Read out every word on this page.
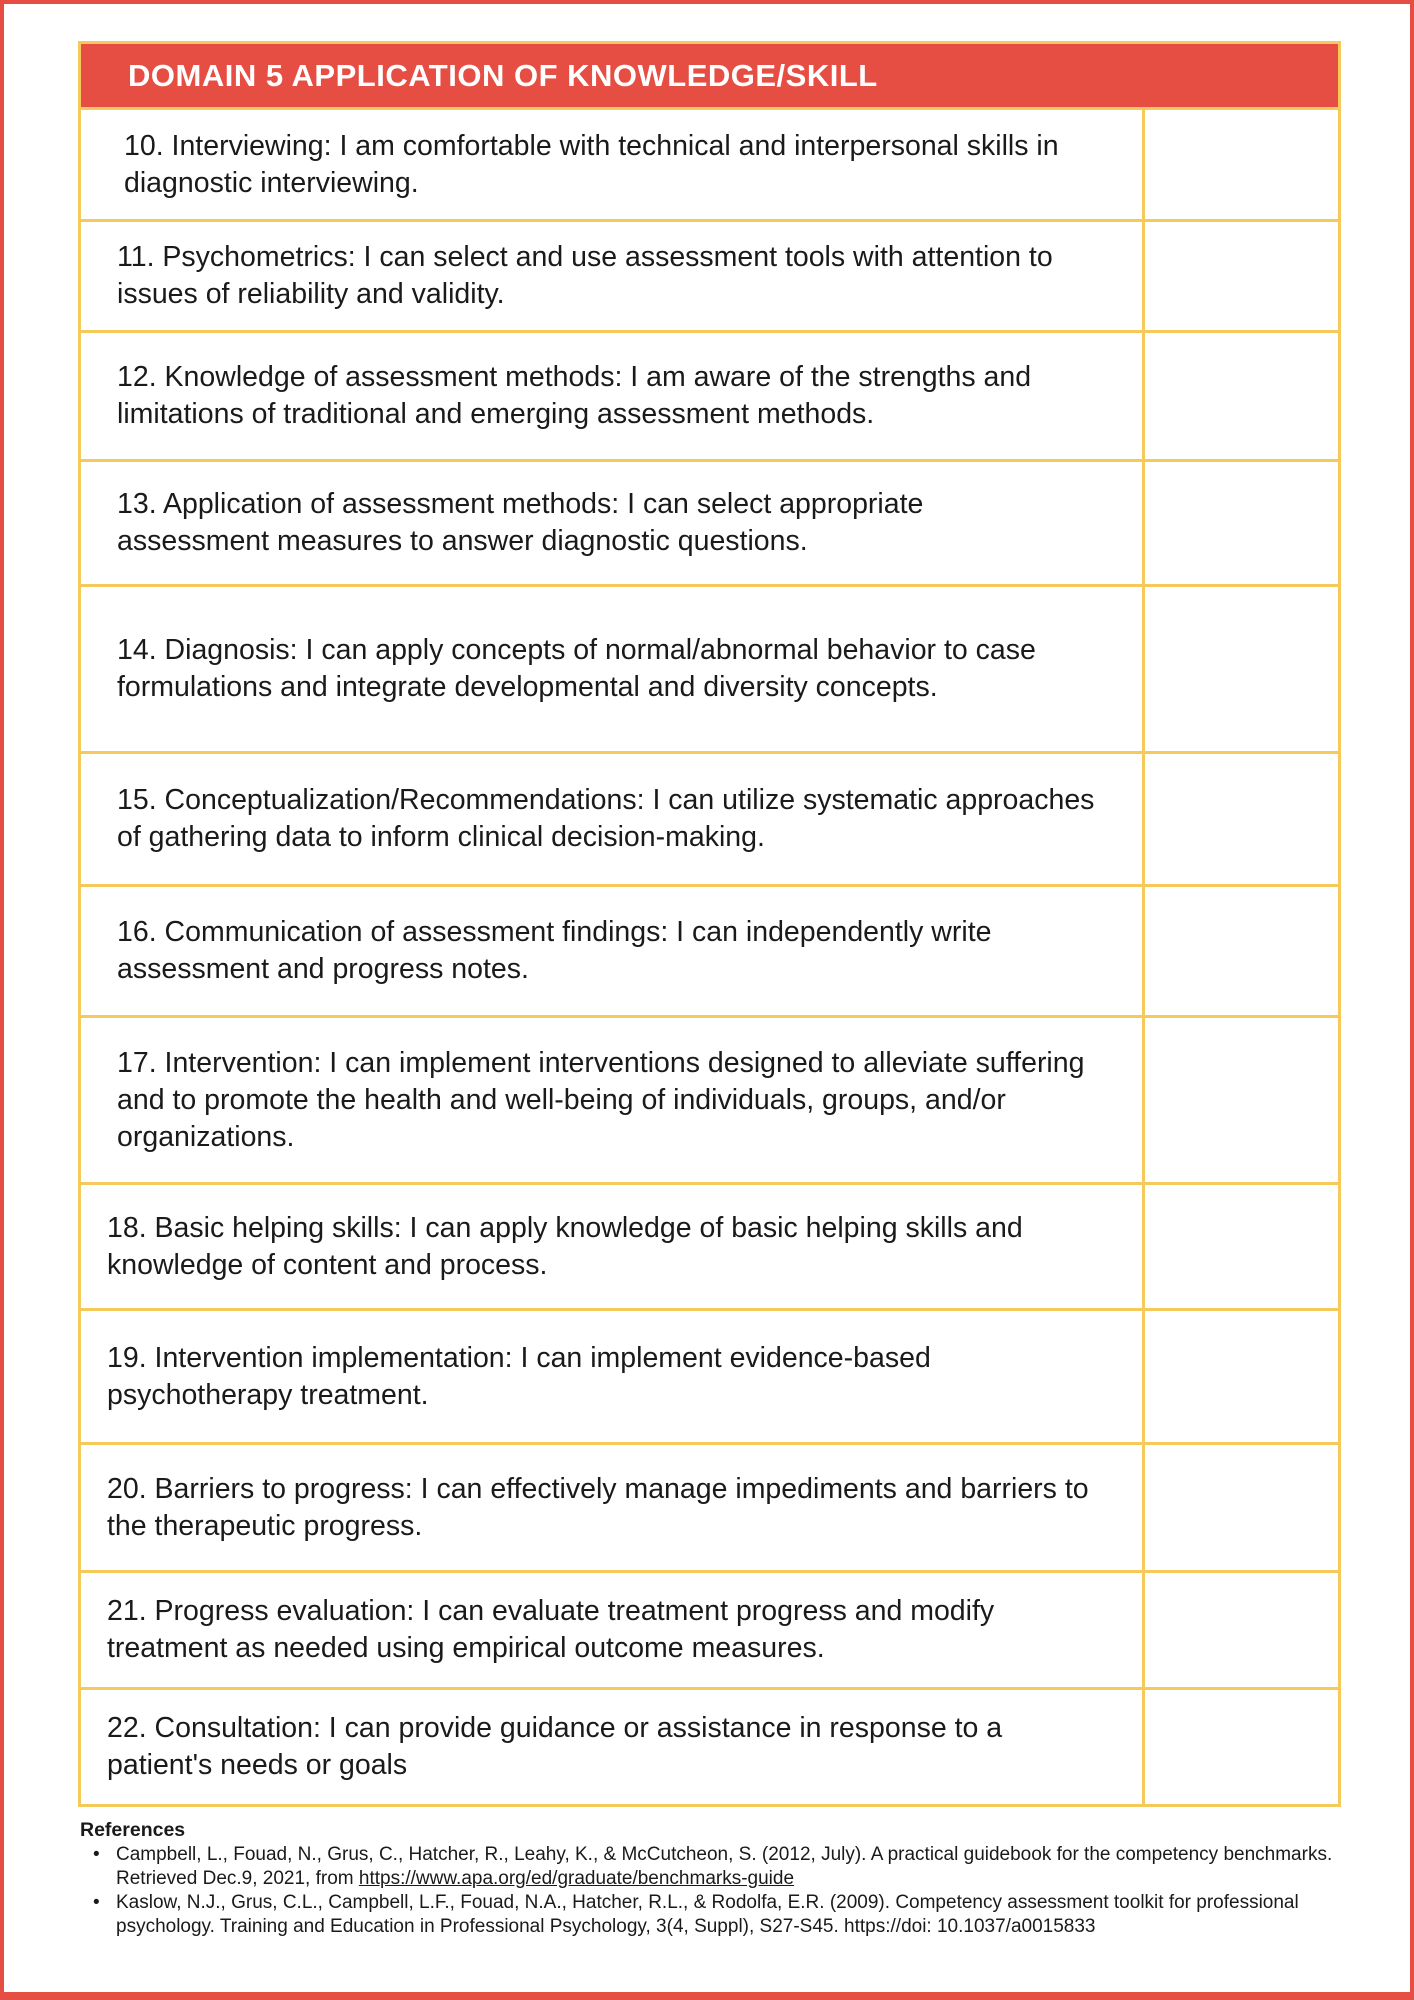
DOMAIN 5 APPLICATION OF KNOWLEDGE/SKILL
10. Interviewing: I am comfortable with technical and interpersonal skills in diagnostic interviewing.
11. Psychometrics: I can select and use assessment tools with attention to issues of reliability and validity.
12. Knowledge of assessment methods: I am aware of the strengths and limitations of traditional and emerging assessment methods.
13. Application of assessment methods: I can select appropriate assessment measures to answer diagnostic questions.
14. Diagnosis: I can apply concepts of normal/abnormal behavior to case formulations and integrate developmental and diversity concepts.
15. Conceptualization/Recommendations: I can utilize systematic approaches of gathering data to inform clinical decision-making.
16. Communication of assessment findings: I can independently write assessment and progress notes.
17. Intervention: I can implement interventions designed to alleviate suffering and to promote the health and well-being of individuals, groups, and/or organizations.
18. Basic helping skills: I can apply knowledge of basic helping skills and knowledge of content and process.
19. Intervention implementation: I can implement evidence-based psychotherapy treatment.
20. Barriers to progress: I can effectively manage impediments and barriers to the therapeutic progress.
21. Progress evaluation: I can evaluate treatment progress and modify treatment as needed using empirical outcome measures.
22. Consultation: I can provide guidance or assistance in response to a patient's needs or goals
References
• Campbell, L., Fouad, N., Grus, C., Hatcher, R., Leahy, K., & McCutcheon, S. (2012, July). A practical guidebook for the competency benchmarks. Retrieved Dec.9, 2021, from https://www.apa.org/ed/graduate/benchmarks-guide
• Kaslow, N.J., Grus, C.L., Campbell, L.F., Fouad, N.A., Hatcher, R.L., & Rodolfa, E.R. (2009). Competency assessment toolkit for professional psychology. Training and Education in Professional Psychology, 3(4, Suppl), S27-S45. https://doi: 10.1037/a0015833
